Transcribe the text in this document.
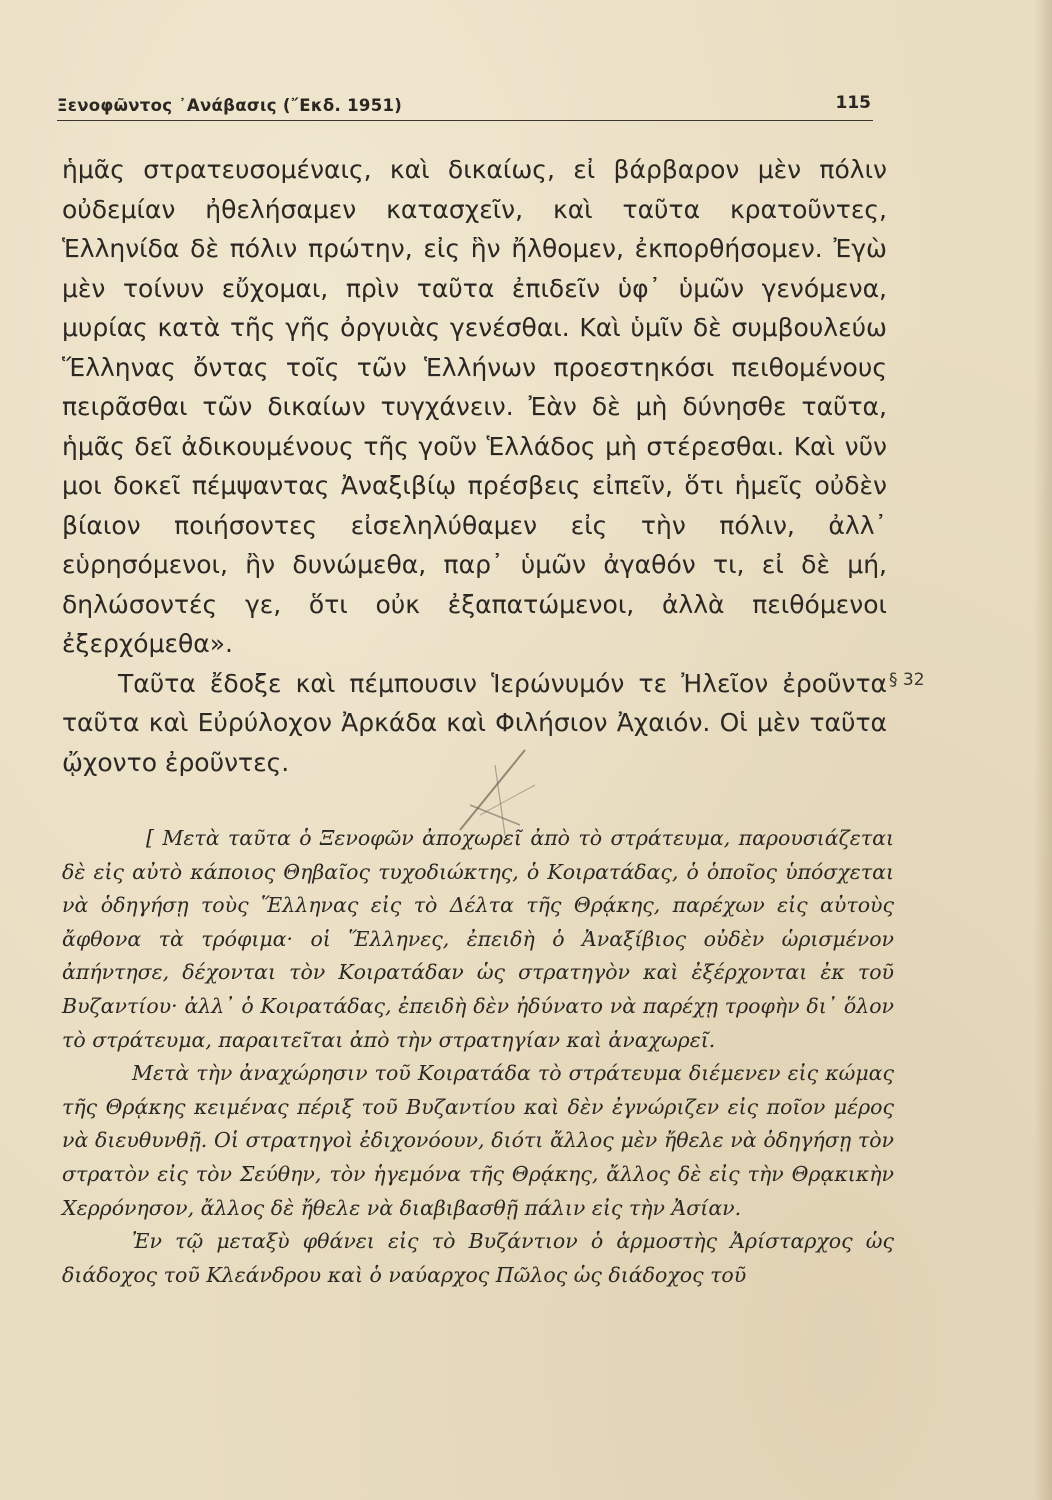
Ξενοφῶντος ᾿Ανάβασις (῎Εκδ. 1951)	115

ἡμᾶς στρατευσομέναις, καὶ δικαίως, εἰ βάρβαρον μὲν πόλιν οὐδεμίαν ἠθελήσαμεν κατασχεῖν, καὶ ταῦτα κρατοῦντες, Ἑλληνίδα δὲ πόλιν πρώτην, εἰς ἣν ἤλθομεν, ἐκπορθήσομεν. Ἐγὼ μὲν τοίνυν εὔχομαι, πρὶν ταῦτα ἐπιδεῖν ὑφ᾽ ὑμῶν γενόμενα, μυρίας κατὰ τῆς γῆς ὀργυιὰς γενέσθαι. Καὶ ὑμῖν δὲ συμβουλεύω Ἕλληνας ὄντας τοῖς τῶν Ἑλλήνων προεστηκόσι πειθομένους πειρᾶσθαι τῶν δικαίων τυγχάνειν. Ἐὰν δὲ μὴ δύνησθε ταῦτα, ἡμᾶς δεῖ ἀδικουμένους τῆς γοῦν Ἑλλάδος μὴ στέρεσθαι. Καὶ νῦν μοι δοκεῖ πέμψαντας Ἀναξιβίῳ πρέσβεις εἰπεῖν, ὅτι ἡμεῖς οὐδὲν βίαιον ποιήσοντες εἰσεληλύθαμεν εἰς τὴν πόλιν, ἀλλ᾽ εὑρησόμενοι, ἢν δυνώμεθα, παρ᾽ ὑμῶν ἀγαθόν τι, εἰ δὲ μή, δηλώσοντές γε, ὅτι οὐκ ἐξαπατώμενοι, ἀλλὰ πειθόμενοι ἐξερχόμεθα».

Ταῦτα ἔδοξε καὶ πέμπουσιν Ἱερώνυμόν τε Ἠλεῖον ἐροῦντα ταῦτα καὶ Εὐρύλοχον Ἀρκάδα καὶ Φιλήσιον Ἀχαιόν. Οἱ μὲν ταῦτα ᾤχοντο ἐροῦντες.

§ 32

[ Μετὰ ταῦτα ὁ Ξενοφῶν ἀποχωρεῖ ἀπὸ τὸ στράτευμα, παρουσιάζεται δὲ εἰς αὐτὸ κάποιος Θηβαῖος τυχοδιώκτης, ὁ Κοιρατάδας, ὁ ὁποῖος ὑπόσχεται νὰ ὁδηγήσῃ τοὺς Ἕλληνας εἰς τὸ Δέλτα τῆς Θρᾴκης, παρέχων εἰς αὐτοὺς ἄφθονα τὰ τρόφιμα· οἱ Ἕλληνες, ἐπειδὴ ὁ Ἀναξίβιος οὐδὲν ὡρισμένον ἀπήντησε, δέχονται τὸν Κοιρατάδαν ὡς στρατηγὸν καὶ ἐξέρχονται ἐκ τοῦ Βυζαντίου· ἀλλ᾽ ὁ Κοιρατάδας, ἐπειδὴ δὲν ἠδύνατο νὰ παρέχῃ τροφὴν δι᾽ ὅλον τὸ στράτευμα, παραιτεῖται ἀπὸ τὴν στρατηγίαν καὶ ἀναχωρεῖ.

Μετὰ τὴν ἀναχώρησιν τοῦ Κοιρατάδα τὸ στράτευμα διέμενεν εἰς κώμας τῆς Θρᾴκης κειμένας πέριξ τοῦ Βυζαντίου καὶ δὲν ἐγνώριζεν εἰς ποῖον μέρος νὰ διευθυνθῇ. Οἱ στρατηγοὶ ἐδιχονόουν, διότι ἄλλος μὲν ἤθελε νὰ ὁδηγήσῃ τὸν στρατὸν εἰς τὸν Σεύθην, τὸν ἡγεμόνα τῆς Θρᾴκης, ἄλλος δὲ εἰς τὴν Θρᾳκικὴν Χερρόνησον, ἄλλος δὲ ἤθελε νὰ διαβιβασθῇ πάλιν εἰς τὴν Ἀσίαν.

Ἐν τῷ μεταξὺ φθάνει εἰς τὸ Βυζάντιον ὁ ἁρμοστὴς Ἀρίσταρχος ὡς διάδοχος τοῦ Κλεάνδρου καὶ ὁ ναύαρχος Πῶλος ὡς διάδοχος τοῦ
